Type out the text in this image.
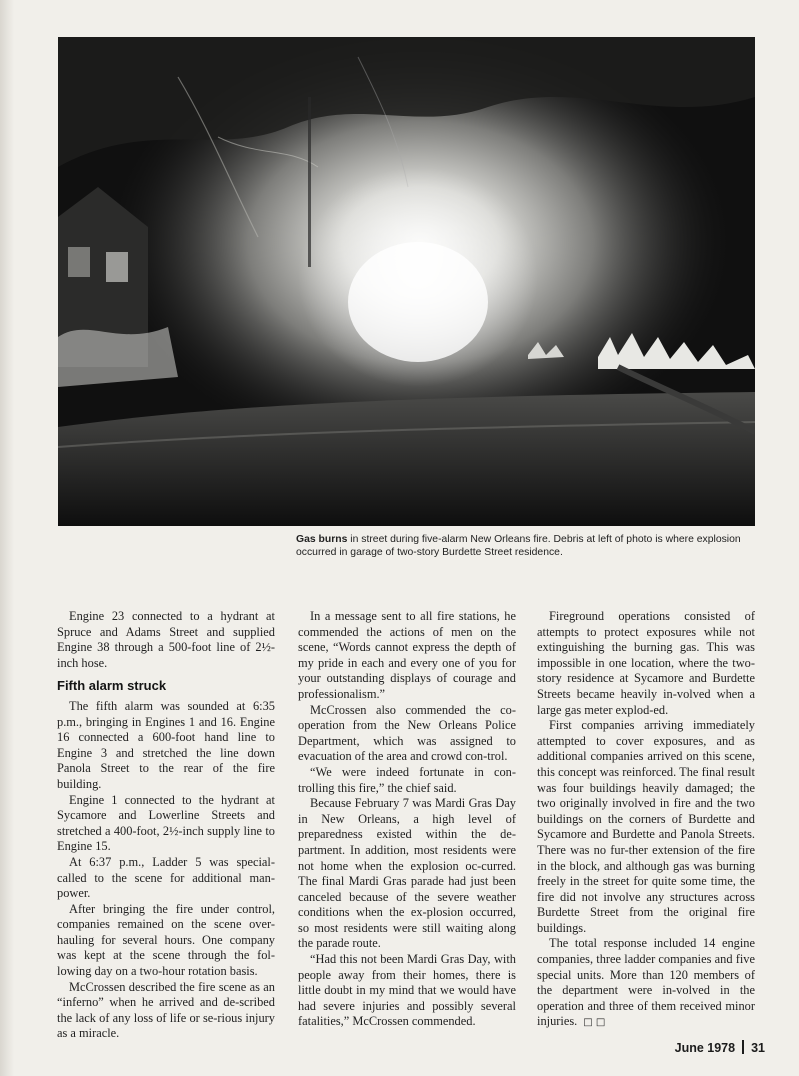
Gas burns in street during five-alarm New Orleans fire. Debris at left of photo is where explosion occurred in garage of two-story Burdette Street residence.

Engine 23 connected to a hydrant at Spruce and Adams Street and supplied Engine 38 through a 500-foot line of 2½-inch hose.

Fifth alarm struck

The fifth alarm was sounded at 6:35 p.m., bringing in Engines 1 and 16. Engine 16 connected a 600-foot hand line to Engine 3 and stretched the line down Panola Street to the rear of the fire building.

Engine 1 connected to the hydrant at Sycamore and Lowerline Streets and stretched a 400-foot, 2½-inch supply line to Engine 15.

At 6:37 p.m., Ladder 5 was special-called to the scene for additional man-power.

After bringing the fire under control, companies remained on the scene over-hauling for several hours. One company was kept at the scene through the fol-lowing day on a two-hour rotation basis.

McCrossen described the fire scene as an “inferno” when he arrived and de-scribed the lack of any loss of life or se-rious injury as a miracle.

In a message sent to all fire stations, he commended the actions of men on the scene, “Words cannot express the depth of my pride in each and every one of you for your outstanding displays of courage and professionalism.”

McCrossen also commended the co-operation from the New Orleans Police Department, which was assigned to evacuation of the area and crowd con-trol.

“We were indeed fortunate in con-trolling this fire,” the chief said.

Because February 7 was Mardi Gras Day in New Orleans, a high level of preparedness existed within the de-partment. In addition, most residents were not home when the explosion oc-curred. The final Mardi Gras parade had just been canceled because of the severe weather conditions when the ex-plosion occurred, so most residents were still waiting along the parade route.

“Had this not been Mardi Gras Day, with people away from their homes, there is little doubt in my mind that we would have had severe injuries and possibly several fatalities,” McCrossen commended.

Fireground operations consisted of attempts to protect exposures while not extinguishing the burning gas. This was impossible in one location, where the two-story residence at Sycamore and Burdette Streets became heavily in-volved when a large gas meter explod-ed.

First companies arriving immediately attempted to cover exposures, and as additional companies arrived on this scene, this concept was reinforced. The final result was four buildings heavily damaged; the two originally involved in fire and the two buildings on the corners of Burdette and Sycamore and Burdette and Panola Streets. There was no fur-ther extension of the fire in the block, and although gas was burning freely in the street for quite some time, the fire did not involve any structures across Burdette Street from the original fire buildings.

The total response included 14 engine companies, three ladder companies and five special units. More than 120 members of the department were in-volved in the operation and three of them received minor injuries. □ □

June 1978 31
